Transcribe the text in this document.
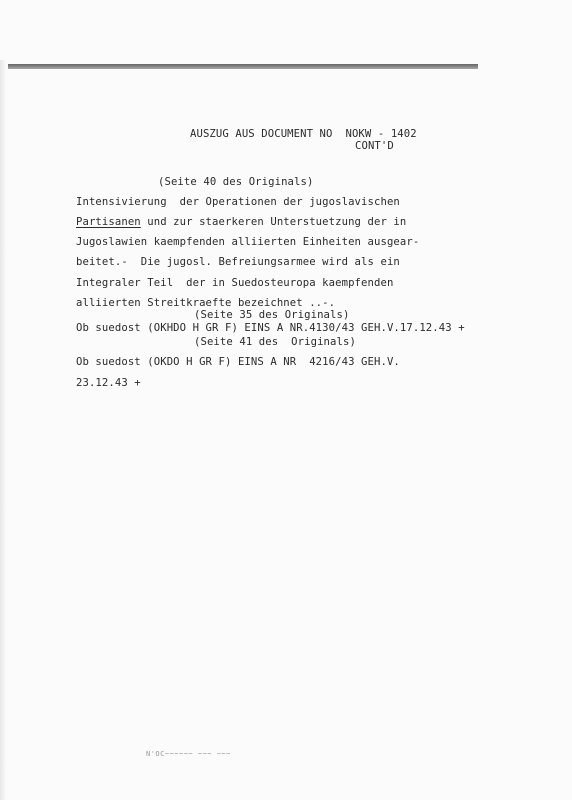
AUSZUG AUS DOCUMENT NO  NOKW - 1402
CONT'D
(Seite 40 des Originals)
Intensivierung  der Operationen der jugoslavischen
Partisanen und zur staerkeren Unterstuetzung der in
Jugoslawien kaempfenden alliierten Einheiten ausgear-
beitet.-  Die jugosl. Befreiungsarmee wird als ein
Integraler Teil  der in Suedosteuropa kaempfenden
alliierten Streitkraefte bezeichnet ..-.
(Seite 35 des Originals)
Ob suedost (OKHDO H GR F) EINS A NR.4130/43 GEH.V.17.12.43 +
(Seite 41 des  Originals)
Ob suedost (OKDO H GR F) EINS A NR  4216/43 GEH.V.
23.12.43 +
N'OC~~~~~~ ~~~ ~~~
